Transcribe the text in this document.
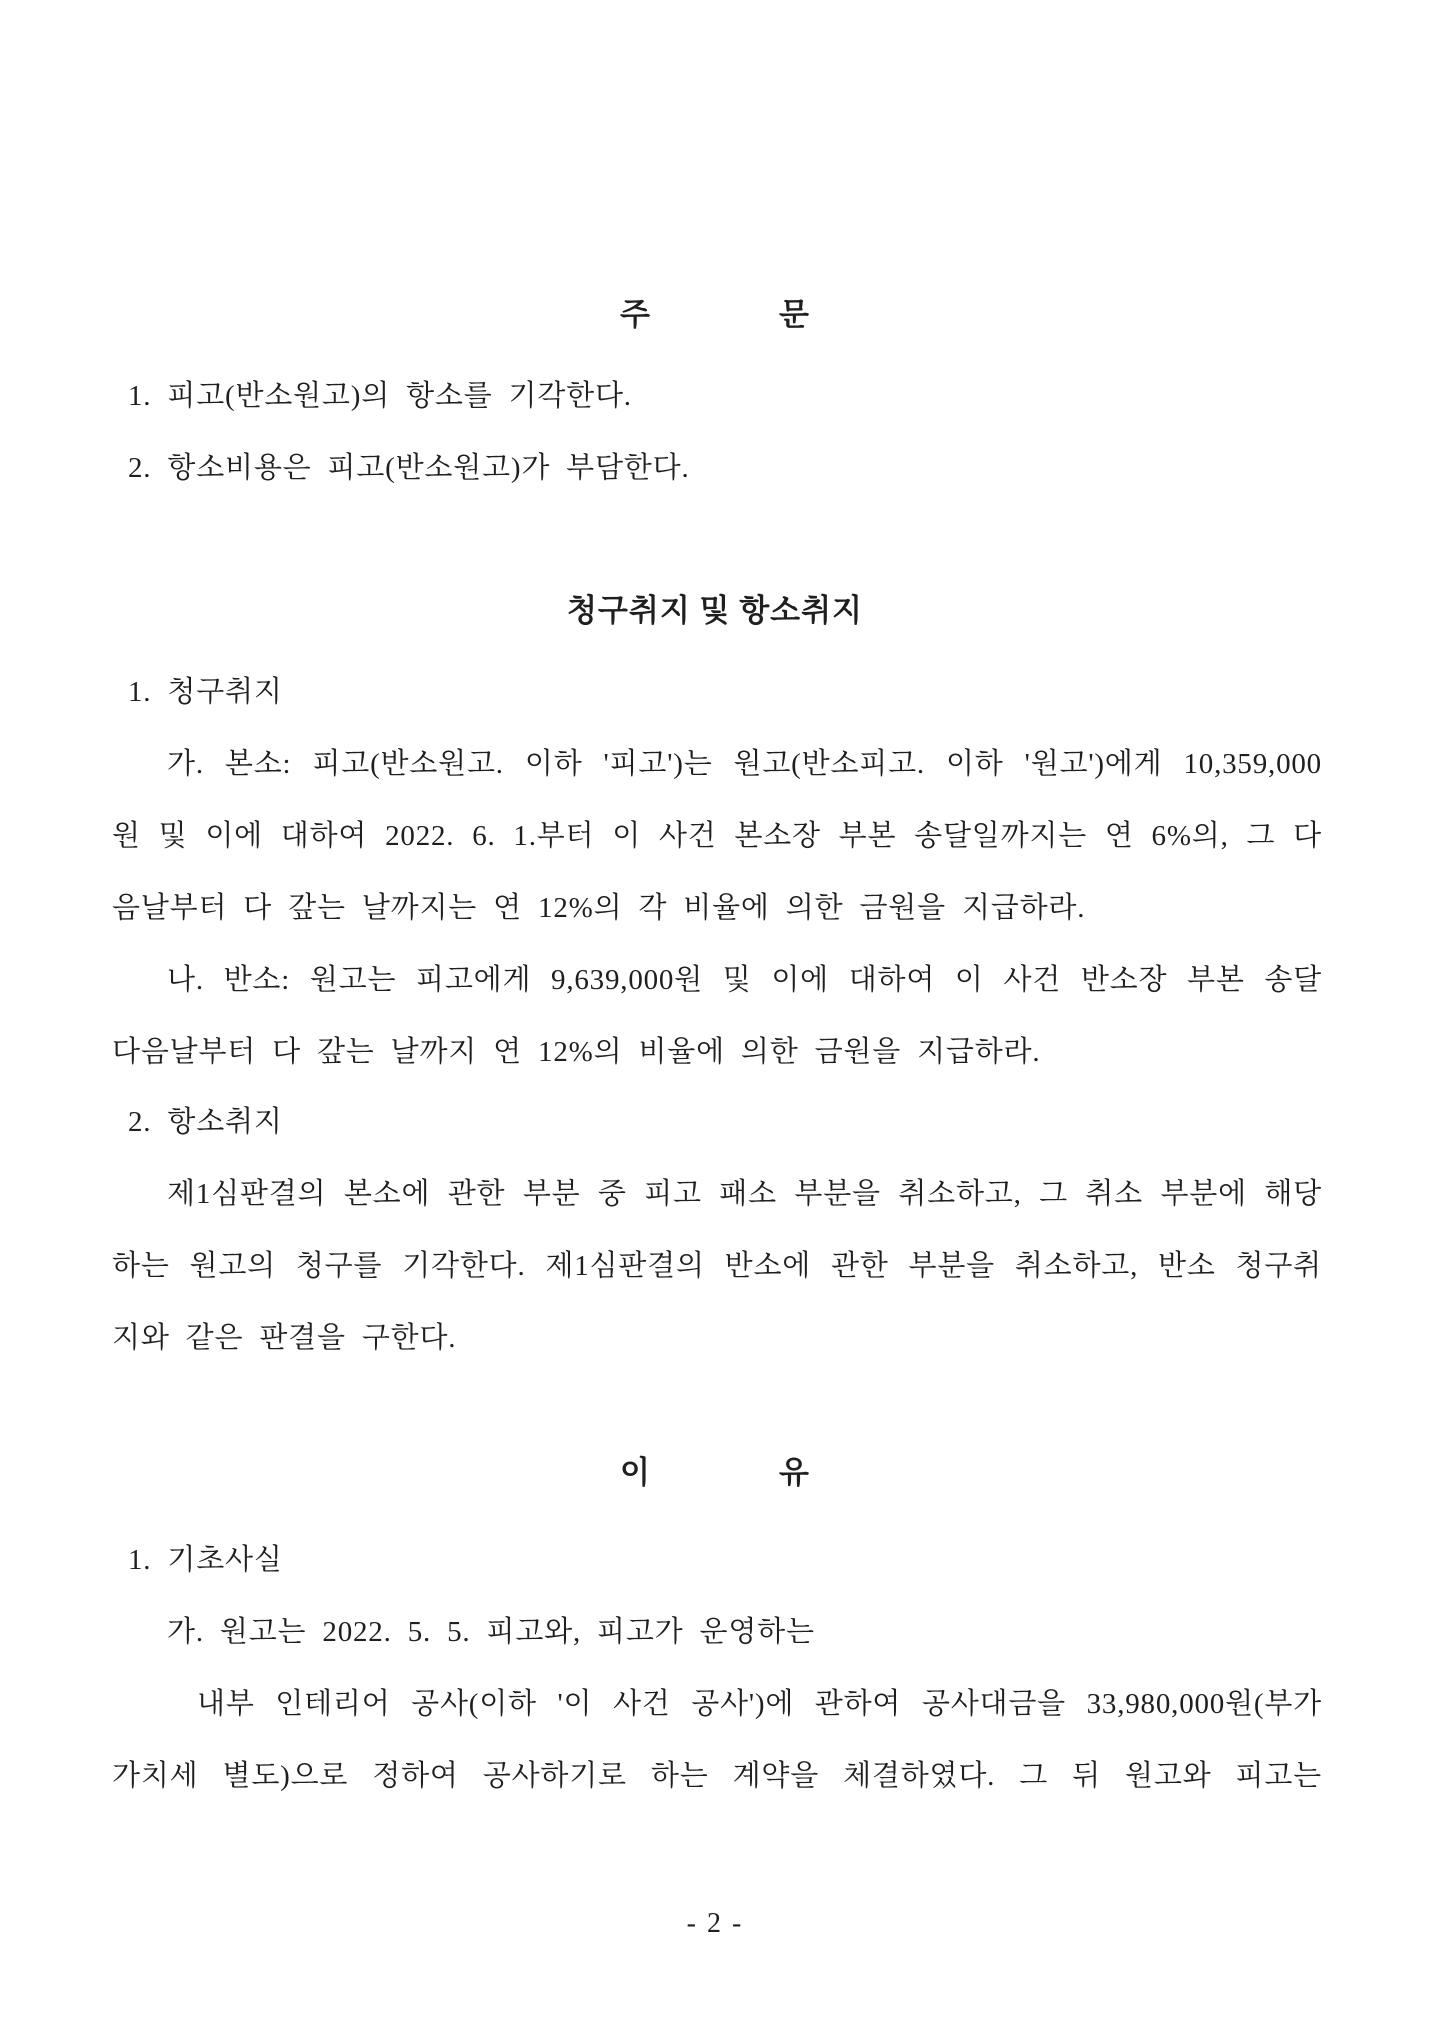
주　　　　문
1. 피고(반소원고)의 항소를 기각한다.
2. 항소비용은 피고(반소원고)가 부담한다.
청구취지 및 항소취지
1. 청구취지
가. 본소: 피고(반소원고. 이하 '피고')는 원고(반소피고. 이하 '원고')에게 10,359,000
원 및 이에 대하여 2022. 6. 1.부터 이 사건 본소장 부본 송달일까지는 연 6%의, 그 다
음날부터 다 갚는 날까지는 연 12%의 각 비율에 의한 금원을 지급하라.
나. 반소: 원고는 피고에게 9,639,000원 및 이에 대하여 이 사건 반소장 부본 송달
다음날부터 다 갚는 날까지 연 12%의 비율에 의한 금원을 지급하라.
2. 항소취지
제1심판결의 본소에 관한 부분 중 피고 패소 부분을 취소하고, 그 취소 부분에 해당
하는 원고의 청구를 기각한다. 제1심판결의 반소에 관한 부분을 취소하고, 반소 청구취
지와 같은 판결을 구한다.
이　　　　유
1. 기초사실
가. 원고는 2022. 5. 5. 피고와, 피고가 운영하는
내부 인테리어 공사(이하 '이 사건 공사')에 관하여 공사대금을 33,980,000원(부가
가치세 별도)으로 정하여 공사하기로 하는 계약을 체결하였다. 그 뒤 원고와 피고는
- 2 -
